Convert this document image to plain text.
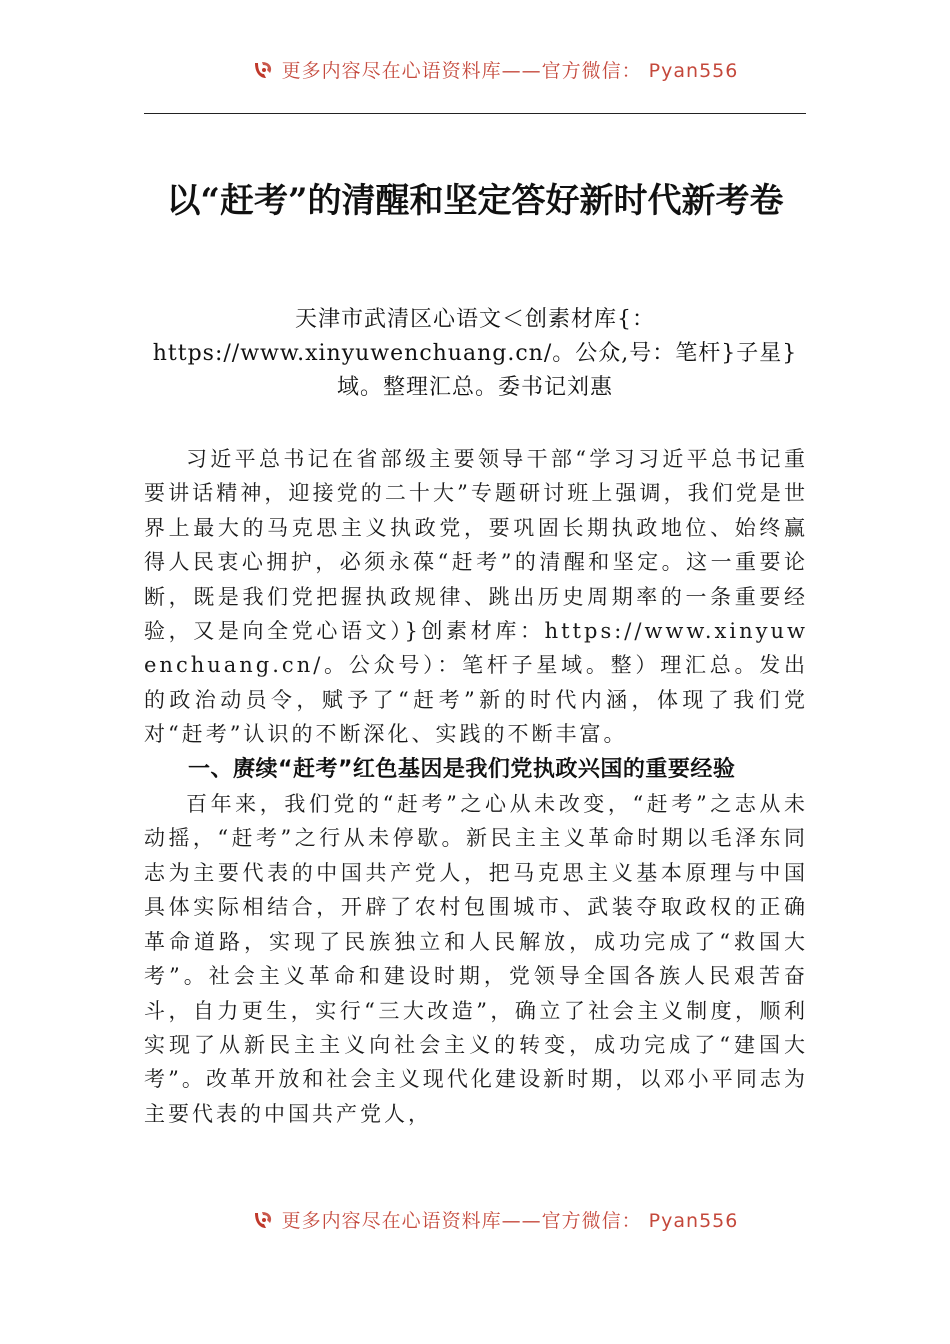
更多内容尽在心语资料库——官方微信： Pyan556
以“赶考”的清醒和坚定答好新时代新考卷
天津市武清区心语文＜创素材库{：https://www.xinyuwenchuang.cn/。公众,号：笔杆}子星}域。整理汇总。委书记刘惠

习近平总书记在省部级主要领导干部“学习习近平总书记重要讲话精神，迎接党的二十大”专题研讨班上强调，我们党是世界上最大的马克思主义执政党，要巩固长期执政地位、始终赢得人民衷心拥护，必须永葆“赶考”的清醒和坚定。这一重要论断，既是我们党把握执政规律、跳出历史周期率的一条重要经验，又是向全党心语文）}创素材库：https://www.xinyuwenchuang.cn/。公众号）：笔杆子星域。整）理汇总。发出的政治动员令，赋予了“赶考”新的时代内涵，体现了我们党对“赶考”认识的不断深化、实践的不断丰富。

一、赓续“赶考”红色基因是我们党执政兴国的重要经验

百年来，我们党的“赶考”之心从未改变，“赶考”之志从未动摇，“赶考”之行从未停歇。新民主主义革命时期以毛泽东同志为主要代表的中国共产党人，把马克思主义基本原理与中国具体实际相结合，开辟了农村包围城市、武装夺取政权的正确革命道路，实现了民族独立和人民解放，成功完成了“救国大考”。社会主义革命和建设时期，党领导全国各族人民艰苦奋斗，自力更生，实行“三大改造”，确立了社会主义制度，顺利实现了从新民主主义向社会主义的转变，成功完成了“建国大考”。改革开放和社会主义现代化建设新时期，以邓小平同志为主要代表的中国共产党人，

更多内容尽在心语资料库——官方微信： Pyan556
